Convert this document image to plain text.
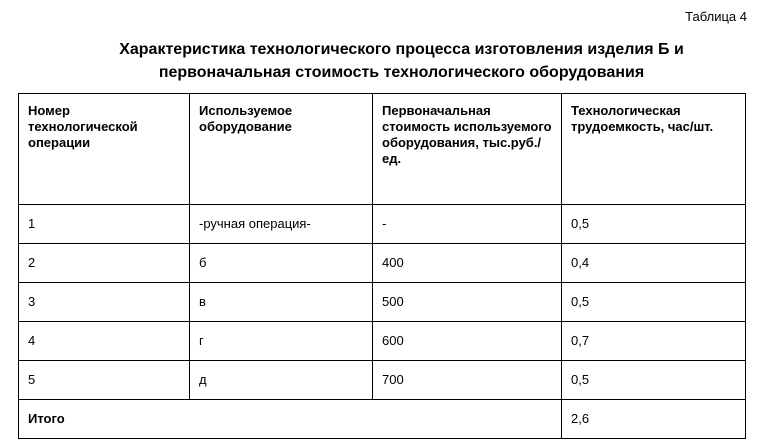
Таблица 4
Характеристика технологического процесса изготовления изделия Б и
первоначальная стоимость технологического оборудования
Номер технологической операции	Используемое оборудование	Первоначальная стоимость используемого оборудования, тыс.руб./ед.	Технологическая трудоемкость, час/шт.
1	-ручная операция-	-	0,5
2	б	400	0,4
3	в	500	0,5
4	г	600	0,7
5	д	700	0,5
Итого			2,6
